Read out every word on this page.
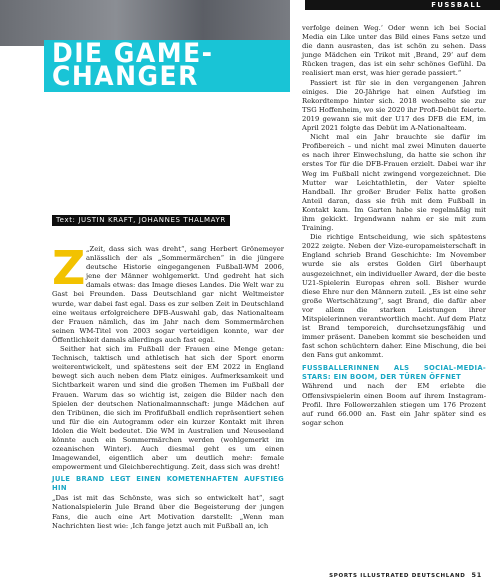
DIE GAME-
CHANGER

Vize-Europameisterinnen mit neuen Qualitäten auf und neben dem Platz, aber trotzdem nahbar – Jule Brand und Lena Oberdorf sind zwei Gesichter einer neuen Generation, die den Fußball der Frauen in Deutschland auf das nächste Level hievt. Doch was zeichnet diese neuen Stars aus?

Text: JUSTIN KRAFT, JOHANNES THALMAYR
Z „Zeit, dass sich was dreht“, sang Herbert Grönemeyer anlässlich der als „Sommermärchen“ in die jüngere deutsche Historie eingegangenen Fußball-WM 2006, jene der Männer wohlgemerkt. Und gedreht hat sich damals etwas: das Image dieses Landes. Die Welt war zu Gast bei Freunden. Dass Deutschland gar nicht Weltmeister wurde, war dabei fast egal. Dass es zur selben Zeit in Deutschland eine weitaus erfolgreichere DFB-Auswahl gab, das Nationalteam der Frauen nämlich, das im Jahr nach dem Sommermärchen seinen WM-Titel von 2003 sogar verteidigen konnte, war der Öffentlichkeit damals allerdings auch fast egal.

Seither hat sich im Fußball der Frauen eine Menge getan: Technisch, taktisch und athletisch hat sich der Sport enorm weiterentwickelt, und spätestens seit der EM 2022 in England bewegt sich auch neben dem Platz einiges. Aufmerksamkeit und Sichtbarkeit waren und sind die großen Themen im Fußball der Frauen. Warum das so wichtig ist, zeigen die Bilder nach den Spielen der deutschen Nationalmannschaft: junge Mädchen auf den Tribünen, die sich im Profifußball endlich repräsentiert sehen und für die ein Autogramm oder ein kurzer Kontakt mit ihren Idolen die Welt bedeutet. Die WM in Australien und Neuseeland könnte auch ein Sommermärchen werden (wohlgemerkt im ozeanischen Winter). Auch diesmal geht es um einen Imagewandel, eigentlich aber um deutlich mehr: female empowerment und Gleichberechtigung. Zeit, dass sich was dreht!

JULE BRAND LEGT EINEN KOMETENHAFTEN AUFSTIEG HIN

„Das ist mit das Schönste, was sich so entwickelt hat“, sagt Nationalspielerin Jule Brand über die Begeisterung der jungen Fans, die auch eine Art Motivation darstellt: „Wenn man Nachrichten liest wie: ‚Ich fange jetzt auch mit Fußball an, ich

FUSSBALL

verfolge deinen Weg.‘ Oder wenn ich bei Social Media ein Like unter das Bild eines Fans setze und die dann ausrasten, das ist schön zu sehen. Dass junge Mädchen ein Trikot mit ‚Brand, 29‘ auf dem Rücken tragen, das ist ein sehr schönes Gefühl. Da realisiert man erst, was hier gerade passiert.“

Passiert ist für sie in den vergangenen Jahren einiges. Die 20-Jährige hat einen Aufstieg im Rekordtempo hinter sich. 2018 wechselte sie zur TSG Hoffenheim, wo sie 2020 ihr Profi-Debüt feierte. 2019 gewann sie mit der U17 des DFB die EM, im April 2021 folgte das Debüt im A-Nationalteam.

Nicht mal ein Jahr brauchte sie dafür im Profibereich – und nicht mal zwei Minuten dauerte es nach ihrer Einwechslung, da hatte sie schon ihr erstes Tor für die DFB-Frauen erzielt. Dabei war ihr Weg im Fußball nicht zwingend vorgezeichnet. Die Mutter war Leichtathletin, der Vater spielte Handball. Ihr großer Bruder Felix hatte großen Anteil daran, dass sie früh mit dem Fußball in Kontakt kam. Im Garten habe sie regelmäßig mit ihm gekickt. Irgendwann nahm er sie mit zum Training.

Die richtige Entscheidung, wie sich spätestens 2022 zeigte. Neben der Vize-europameisterschaft in England schrieb Brand Geschichte: Im November wurde sie als erstes Golden Girl überhaupt ausgezeichnet, ein individueller Award, der die beste U21-Spielerin Europas ehren soll. Bisher wurde diese Ehre nur den Männern zuteil. „Es ist eine sehr große Wertschätzung“, sagt Brand, die dafür aber vor allem die starken Leistungen ihrer Mitspielerinnen verantwortlich macht. Auf dem Platz ist Brand temporeich, durchsetzungsfähig und immer präsent. Daneben kommt sie bescheiden und fast schon schüchtern daher. Eine Mischung, die bei den Fans gut ankommt.

FUSSBALLERINNEN ALS SOCIAL-MEDIA-STARS: EIN BOOM, DER TÜREN ÖFFNET

Während und nach der EM erlebte die Offensivspielerin einen Boom auf ihrem Instagram-Profil. Ihre Followerzahlen stiegen um 176 Prozent auf rund 66.000 an. Fast ein Jahr später sind es sogar schon

SPORTS ILLUSTRATED DEUTSCHLAND 51
